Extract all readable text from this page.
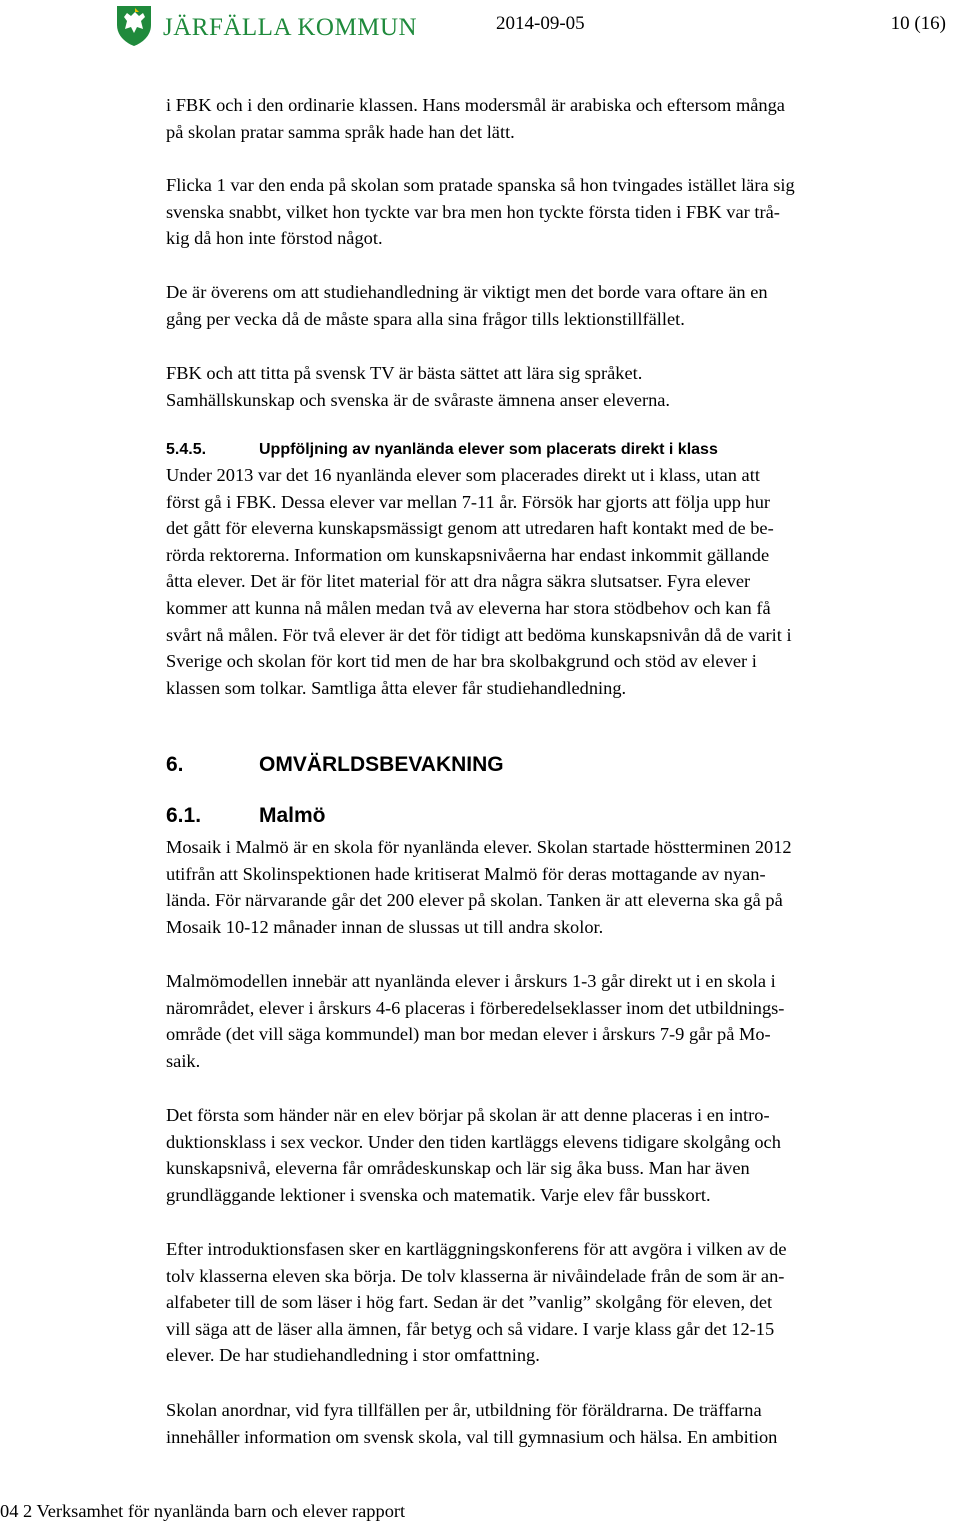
JÄRFÄLLA KOMMUN	2014-09-05	10 (16)
i FBK och i den ordinarie klassen. Hans modersmål är arabiska och eftersom många
på skolan pratar samma språk hade han det lätt.
Flicka 1 var den enda på skolan som pratade spanska så hon tvingades istället lära sig
svenska snabbt, vilket hon tyckte var bra men hon tyckte första tiden i FBK var trå-
kig då hon inte förstod något.
De är överens om att studiehandledning är viktigt men det borde vara oftare än en
gång per vecka då de måste spara alla sina frågor tills lektionstillfället.
FBK och att titta på svensk TV är bästa sättet att lära sig språket.
Samhällskunskap och svenska är de svåraste ämnena anser eleverna.
5.4.5.	Uppföljning av nyanlända elever som placerats direkt i klass
Under 2013 var det 16 nyanlända elever som placerades direkt ut i klass, utan att
först gå i FBK. Dessa elever var mellan 7-11 år. Försök har gjorts att följa upp hur
det gått för eleverna kunskapsmässigt genom att utredaren haft kontakt med de be-
rörda rektorerna. Information om kunskapsnivåerna har endast inkommit gällande
åtta elever. Det är för litet material för att dra några säkra slutsatser. Fyra elever
kommer att kunna nå målen medan två av eleverna har stora stödbehov och kan få
svårt nå målen. För två elever är det för tidigt att bedöma kunskapsnivån då de varit i
Sverige och skolan för kort tid men de har bra skolbakgrund och stöd av elever i
klassen som tolkar. Samtliga åtta elever får studiehandledning.
6.	OMVÄRLDSBEVAKNING
6.1.	Malmö
Mosaik i Malmö är en skola för nyanlända elever. Skolan startade höstterminen 2012
utifrån att Skolinspektionen hade kritiserat Malmö för deras mottagande av nyan-
lända. För närvarande går det 200 elever på skolan. Tanken är att eleverna ska gå på
Mosaik 10-12 månader innan de slussas ut till andra skolor.
Malmömodellen innebär att nyanlända elever i årskurs 1-3 går direkt ut i en skola i
närområdet, elever i årskurs 4-6 placeras i förberedelseklasser inom det utbildnings-
område (det vill säga kommundel) man bor medan elever i årskurs 7-9 går på Mo-
saik.
Det första som händer när en elev börjar på skolan är att denne placeras i en intro-
duktionsklass i sex veckor. Under den tiden kartläggs elevens tidigare skolgång och
kunskapsnivå, eleverna får områdeskunskap och lär sig åka buss. Man har även
grundläggande lektioner i svenska och matematik. Varje elev får busskort.
Efter introduktionsfasen sker en kartläggningskonferens för att avgöra i vilken av de
tolv klasserna eleven ska börja. De tolv klasserna är nivåindelade från de som är an-
alfabeter till de som läser i hög fart. Sedan är det ”vanlig” skolgång för eleven, det
vill säga att de läser alla ämnen, får betyg och så vidare. I varje klass går det 12-15
elever. De har studiehandledning i stor omfattning.
Skolan anordnar, vid fyra tillfällen per år, utbildning för föräldrarna. De träffarna
innehåller information om svensk skola, val till gymnasium och hälsa. En ambition
04 2 Verksamhet för nyanlända barn och elever rapport
